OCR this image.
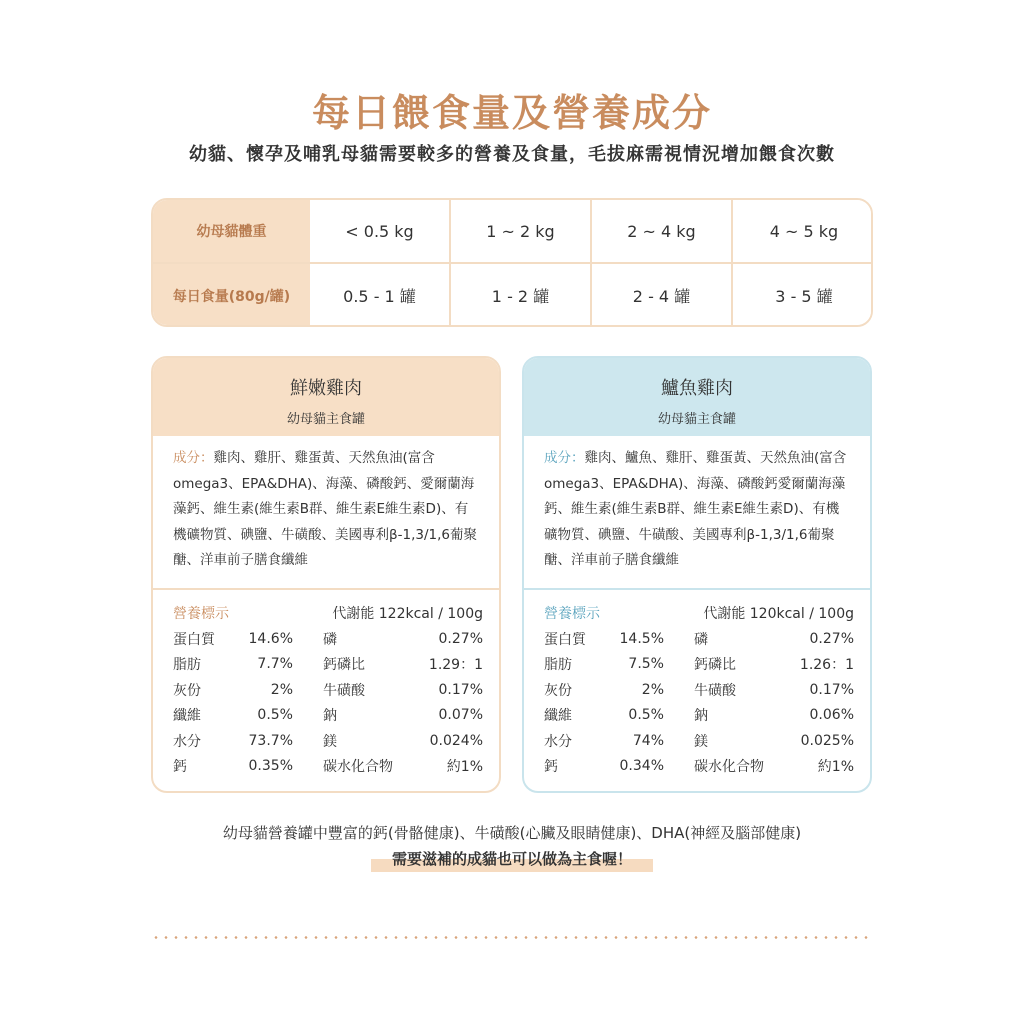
每日餵食量及營養成分
幼貓、懷孕及哺乳母貓需要較多的營養及食量，毛拔麻需視情況增加餵食次數
幼母貓體重	< 0.5 kg	1 ~ 2 kg	2 ~ 4 kg	4 ~ 5 kg
每日食量(80g/罐)	0.5 - 1 罐	1 - 2 罐	2 - 4 罐	3 - 5 罐
鮮嫩雞肉
幼母貓主食罐
成分：雞肉、雞肝、雞蛋黃、天然魚油(富含omega3、EPA&DHA)、海藻、磷酸鈣、愛爾蘭海藻鈣、維生素(維生素B群、維生素E維生素D)、有機礦物質、碘鹽、牛磺酸、美國專利β-1,3/1,6葡聚醣、洋車前子膳食纖維
營養標示	代謝能 122kcal / 100g
蛋白質	14.6% 磷	0.27%
脂肪	7.7% 鈣磷比	1.29：1
灰份	2% 牛磺酸	0.17%
纖維	0.5% 鈉	0.07%
水分	73.7% 鎂	0.024%
鈣	0.35% 碳水化合物	約1%
鱸魚雞肉
幼母貓主食罐
成分：雞肉、鱸魚、雞肝、雞蛋黃、天然魚油(富含omega3、EPA&DHA)、海藻、磷酸鈣愛爾蘭海藻鈣、維生素(維生素B群、維生素E維生素D)、有機礦物質、碘鹽、牛磺酸、美國專利β-1,3/1,6葡聚醣、洋車前子膳食纖維
營養標示	代謝能 120kcal / 100g
蛋白質	14.5% 磷	0.27%
脂肪	7.5% 鈣磷比	1.26：1
灰份	2% 牛磺酸	0.17%
纖維	0.5% 鈉	0.06%
水分	74% 鎂	0.025%
鈣	0.34% 碳水化合物	約1%
幼母貓營養罐中豐富的鈣(骨骼健康)、牛磺酸(心臟及眼睛健康)、DHA(神經及腦部健康)
需要滋補的成貓也可以做為主食喔！
